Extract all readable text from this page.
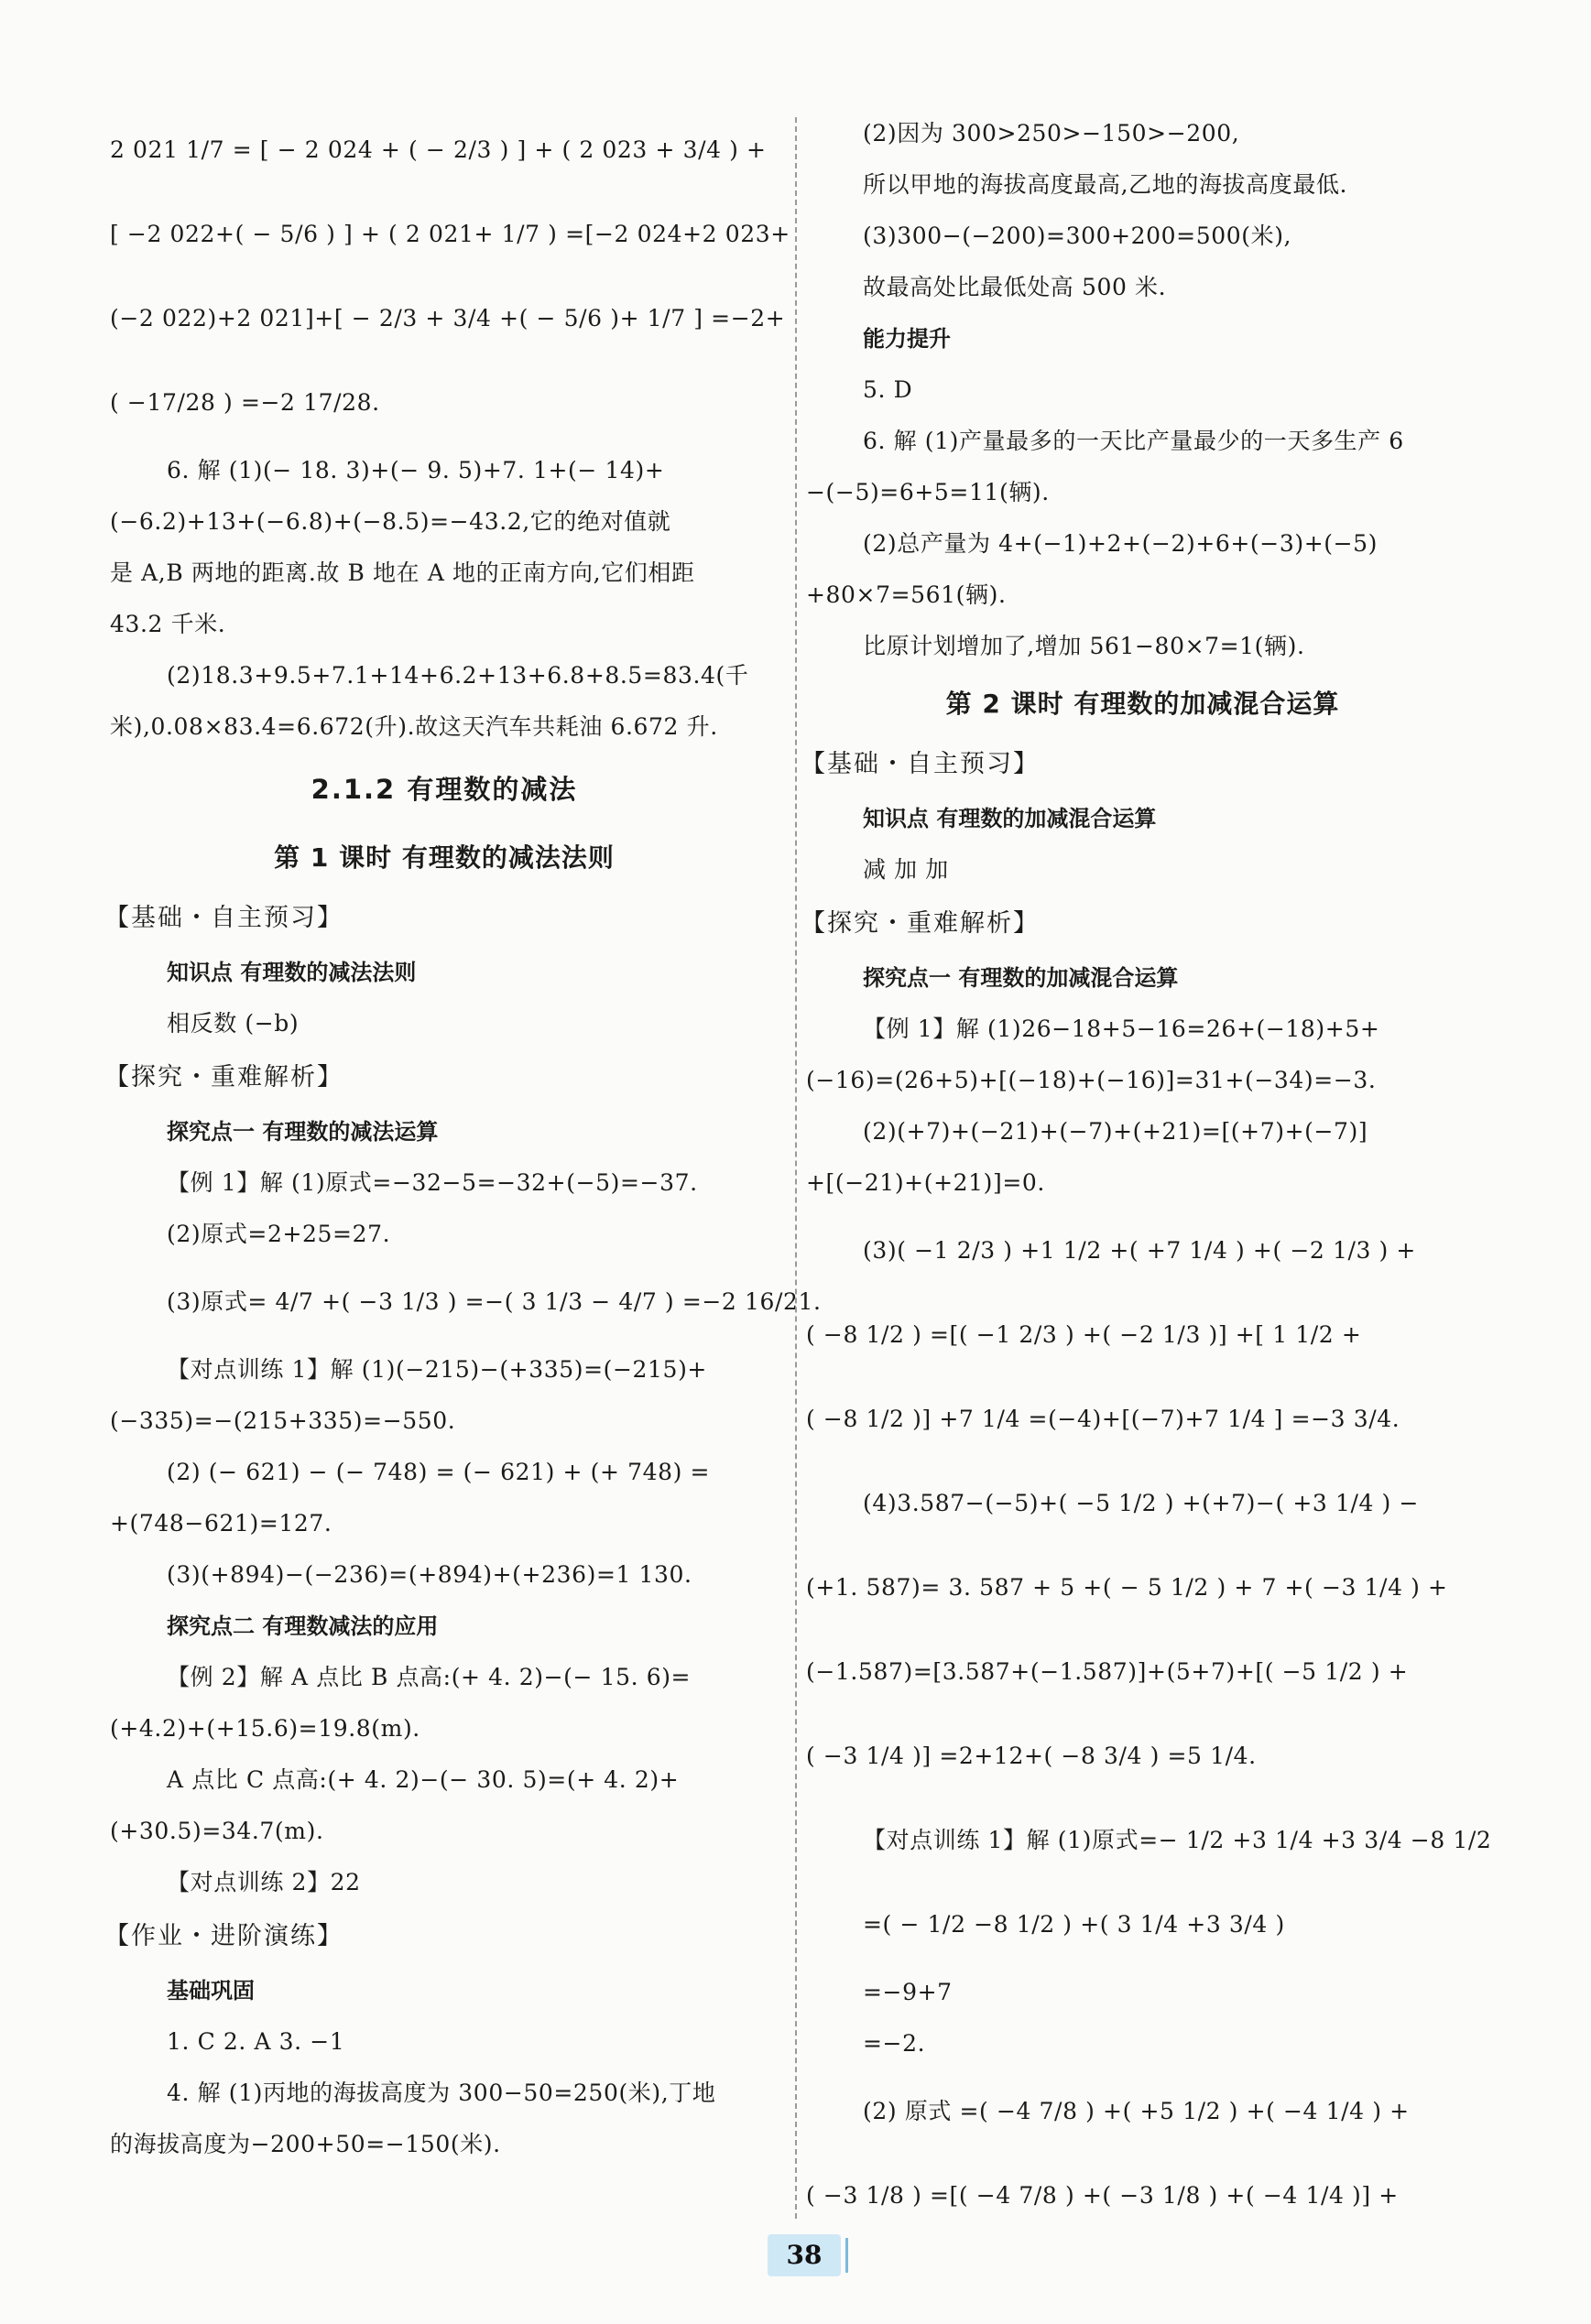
2 021 1/7 = [ − 2 024 + ( − 2/3 ) ] + ( 2 023 + 3/4 ) +
[ −2 022+( − 5/6 ) ] + ( 2 021+ 1/7 ) =[−2 024+2 023+
(−2 022)+2 021]+[ − 2/3 + 3/4 +( − 5/6 )+ 1/7 ] =−2+
( −17/28 ) =−2 17/28.
6. 解 (1)(− 18. 3)+(− 9. 5)+7. 1+(− 14)+
(−6.2)+13+(−6.8)+(−8.5)=−43.2,它的绝对值就
是 A,B 两地的距离.故 B 地在 A 地的正南方向,它们相距
43.2 千米.
(2)18.3+9.5+7.1+14+6.2+13+6.8+8.5=83.4(千
米),0.08×83.4=6.672(升).故这天汽车共耗油 6.672 升.
2.1.2 有理数的减法
第 1 课时 有理数的减法法则
【基础・自主预习】
知识点 有理数的减法法则
相反数 (−b)
【探究・重难解析】
探究点一 有理数的减法运算
【例 1】解 (1)原式=−32−5=−32+(−5)=−37.
(2)原式=2+25=27.
(3)原式= 4/7 +( −3 1/3 ) =−( 3 1/3 − 4/7 ) =−2 16/21.
【对点训练 1】解 (1)(−215)−(+335)=(−215)+
(−335)=−(215+335)=−550.
(2) (− 621) − (− 748) = (− 621) + (+ 748) =
+(748−621)=127.
(3)(+894)−(−236)=(+894)+(+236)=1 130.
探究点二 有理数减法的应用
【例 2】解 A 点比 B 点高:(+ 4. 2)−(− 15. 6)=
(+4.2)+(+15.6)=19.8(m).
A 点比 C 点高:(+ 4. 2)−(− 30. 5)=(+ 4. 2)+
(+30.5)=34.7(m).
【对点训练 2】22
【作业・进阶演练】
基础巩固
1. C 2. A 3. −1
4. 解 (1)丙地的海拔高度为 300−50=250(米),丁地
的海拔高度为−200+50=−150(米).
(2)因为 300>250>−150>−200,
所以甲地的海拔高度最高,乙地的海拔高度最低.
(3)300−(−200)=300+200=500(米),
故最高处比最低处高 500 米.
能力提升
5. D
6. 解 (1)产量最多的一天比产量最少的一天多生产 6
−(−5)=6+5=11(辆).
(2)总产量为 4+(−1)+2+(−2)+6+(−3)+(−5)
+80×7=561(辆).
比原计划增加了,增加 561−80×7=1(辆).
第 2 课时 有理数的加减混合运算
【基础・自主预习】
知识点 有理数的加减混合运算
减 加 加
【探究・重难解析】
探究点一 有理数的加减混合运算
【例 1】解 (1)26−18+5−16=26+(−18)+5+
(−16)=(26+5)+[(−18)+(−16)]=31+(−34)=−3.
(2)(+7)+(−21)+(−7)+(+21)=[(+7)+(−7)]
+[(−21)+(+21)]=0.
(3)( −1 2/3 ) +1 1/2 +( +7 1/4 ) +( −2 1/3 ) +
( −8 1/2 ) =[( −1 2/3 ) +( −2 1/3 )] +[ 1 1/2 +
( −8 1/2 )] +7 1/4 =(−4)+[(−7)+7 1/4 ] =−3 3/4.
(4)3.587−(−5)+( −5 1/2 ) +(+7)−( +3 1/4 ) −
(+1. 587)= 3. 587 + 5 +( − 5 1/2 ) + 7 +( −3 1/4 ) +
(−1.587)=[3.587+(−1.587)]+(5+7)+[( −5 1/2 ) +
( −3 1/4 )] =2+12+( −8 3/4 ) =5 1/4.
【对点训练 1】解 (1)原式=− 1/2 +3 1/4 +3 3/4 −8 1/2
=( − 1/2 −8 1/2 ) +( 3 1/4 +3 3/4 )
=−9+7
=−2.
(2) 原式 =( −4 7/8 ) +( +5 1/2 ) +( −4 1/4 ) +
( −3 1/8 ) =[( −4 7/8 ) +( −3 1/8 ) +( −4 1/4 )] +
38
